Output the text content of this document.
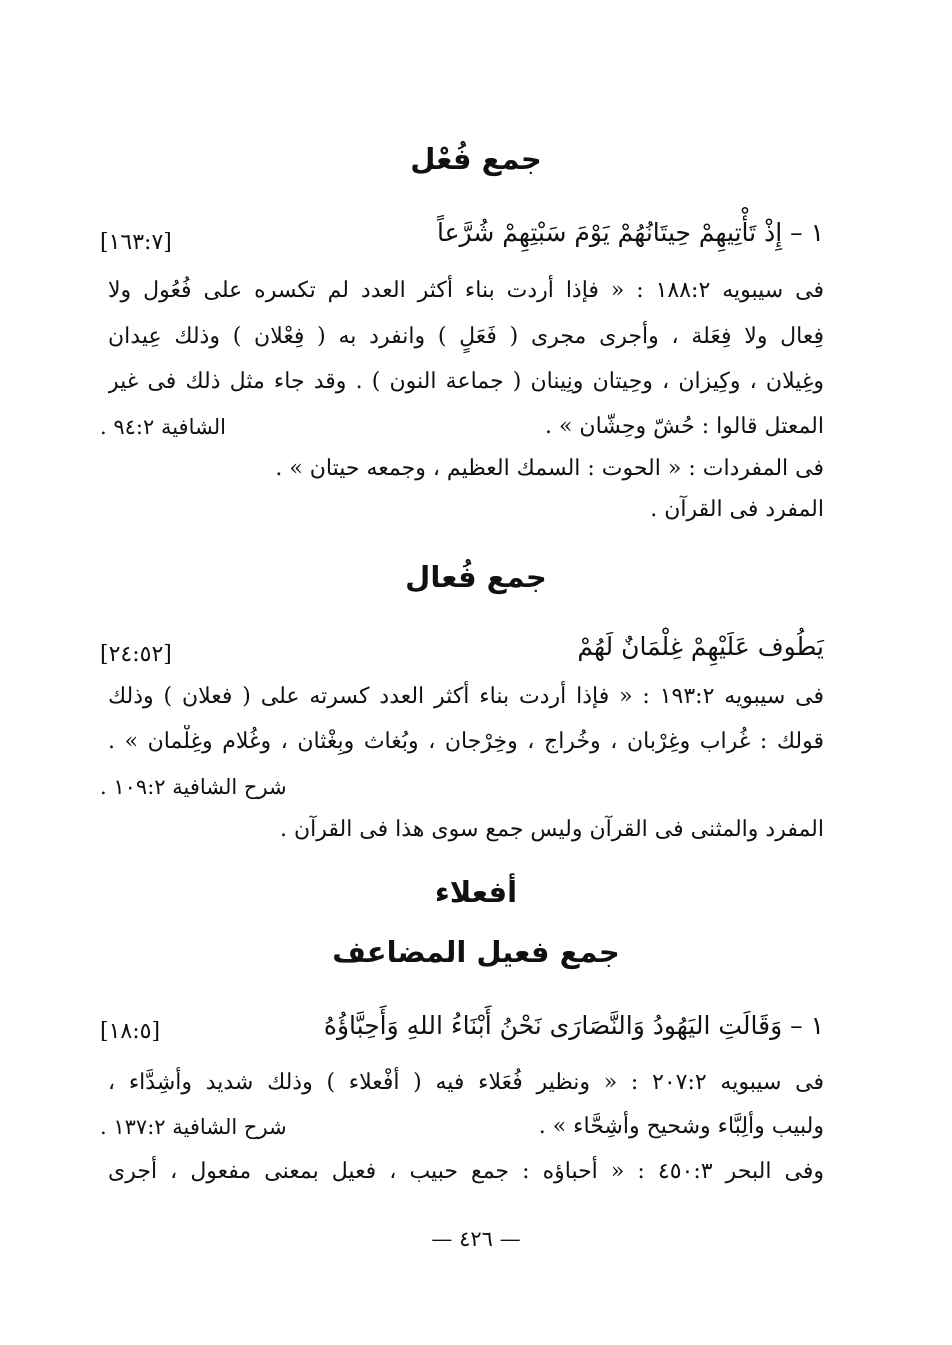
جمع فُعْل
١ – إِذْ تَأْتِيهِمْ حِيتَانُهُمْ يَوْمَ سَبْتِهِمْ شُرَّعاً
[١٦٣:٧]
فى سيبويه ١٨٨:٢ : « فإذا أردت بناء أكثر العدد لم تكسره على فُعُول ولا
فِعال ولا فِعَلة ، وأجرى مجرى ( فَعَلٍ ) وانفرد به ( فِعْلان ) وذلك عِيدان
وغِيلان ، وكِيزان ، وحِيتان ونِينان ( جماعة النون ) . وقد جاء مثل ذلك فى غير
المعتل قالوا : حُشّ وحِشّان » .
الشافية ٩٤:٢ .
فى المفردات : « الحوت : السمك العظيم ، وجمعه حيتان » .
المفرد فى القرآن .
جمع فُعال
يَطُوف عَلَيْهِمْ غِلْمَانٌ لَهُمْ
[٢٤:٥٢]
فى سيبويه ١٩٣:٢ : « فإذا أردت بناء أكثر العدد كسرته على ( فعلان ) وذلك
قولك : غُراب وغِرْبان ، وخُراج ، وخِرْجان ، وبُغاث وبِغْثان ، وغُلام وغِلْمان » .
شرح الشافية ١٠٩:٢ .
المفرد والمثنى فى القرآن وليس جمع سوى هذا فى القرآن .
أفعلاء
جمع فعيل المضاعف
١ – وَقَالَتِ اليَهُودُ وَالنَّصَارَى نَحْنُ أَبْنَاءُ اللهِ وَأَحِبَّاؤُهُ
[١٨:٥]
فى سيبويه ٢٠٧:٢ : « ونظير فُعَلاء فيه ( أفْعلاء ) وذلك شديد وأشِدَّاء ،
ولبيب وألِبَّاء وشحيح وأشِحَّاء » .
شرح الشافية ١٣٧:٢ .
وفى البحر ٤٥٠:٣ : « أحباؤه : جمع حبيب ، فعيل بمعنى مفعول ، أجرى
— ٤٢٦ —
